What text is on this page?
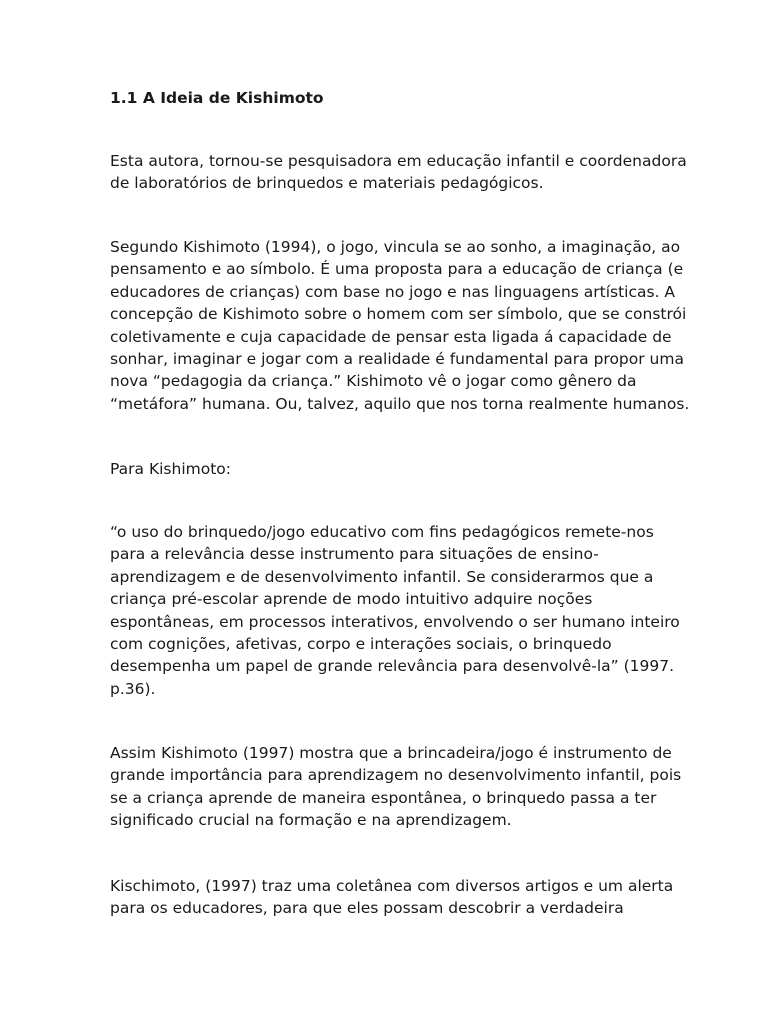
1.1 A Ideia de Kishimoto
Esta autora, tornou-se pesquisadora em educação infantil e coordenadora
de laboratórios de brinquedos e materiais pedagógicos.
Segundo Kishimoto (1994), o jogo, vincula se ao sonho, a imaginação, ao
pensamento e ao símbolo. É uma proposta para a educação de criança (e
educadores de crianças) com base no jogo e nas linguagens artísticas. A
concepção de Kishimoto sobre o homem com ser símbolo, que se constrói
coletivamente e cuja capacidade de pensar esta ligada á capacidade de
sonhar, imaginar e jogar com a realidade é fundamental para propor uma
nova “pedagogia da criança.” Kishimoto vê o jogar como gênero da
“metáfora” humana. Ou, talvez, aquilo que nos torna realmente humanos.
Para Kishimoto:
“o uso do brinquedo/jogo educativo com fins pedagógicos remete-nos
para a relevância desse instrumento para situações de ensino-
aprendizagem e de desenvolvimento infantil. Se considerarmos que a
criança pré-escolar aprende de modo intuitivo adquire noções
espontâneas, em processos interativos, envolvendo o ser humano inteiro
com cognições, afetivas, corpo e interações sociais, o brinquedo
desempenha um papel de grande relevância para desenvolvê-la” (1997.
p.36).
Assim Kishimoto (1997) mostra que a brincadeira/jogo é instrumento de
grande importância para aprendizagem no desenvolvimento infantil, pois
se a criança aprende de maneira espontânea, o brinquedo passa a ter
significado crucial na formação e na aprendizagem.
Kischimoto, (1997) traz uma coletânea com diversos artigos e um alerta
para os educadores, para que eles possam descobrir a verdadeira
